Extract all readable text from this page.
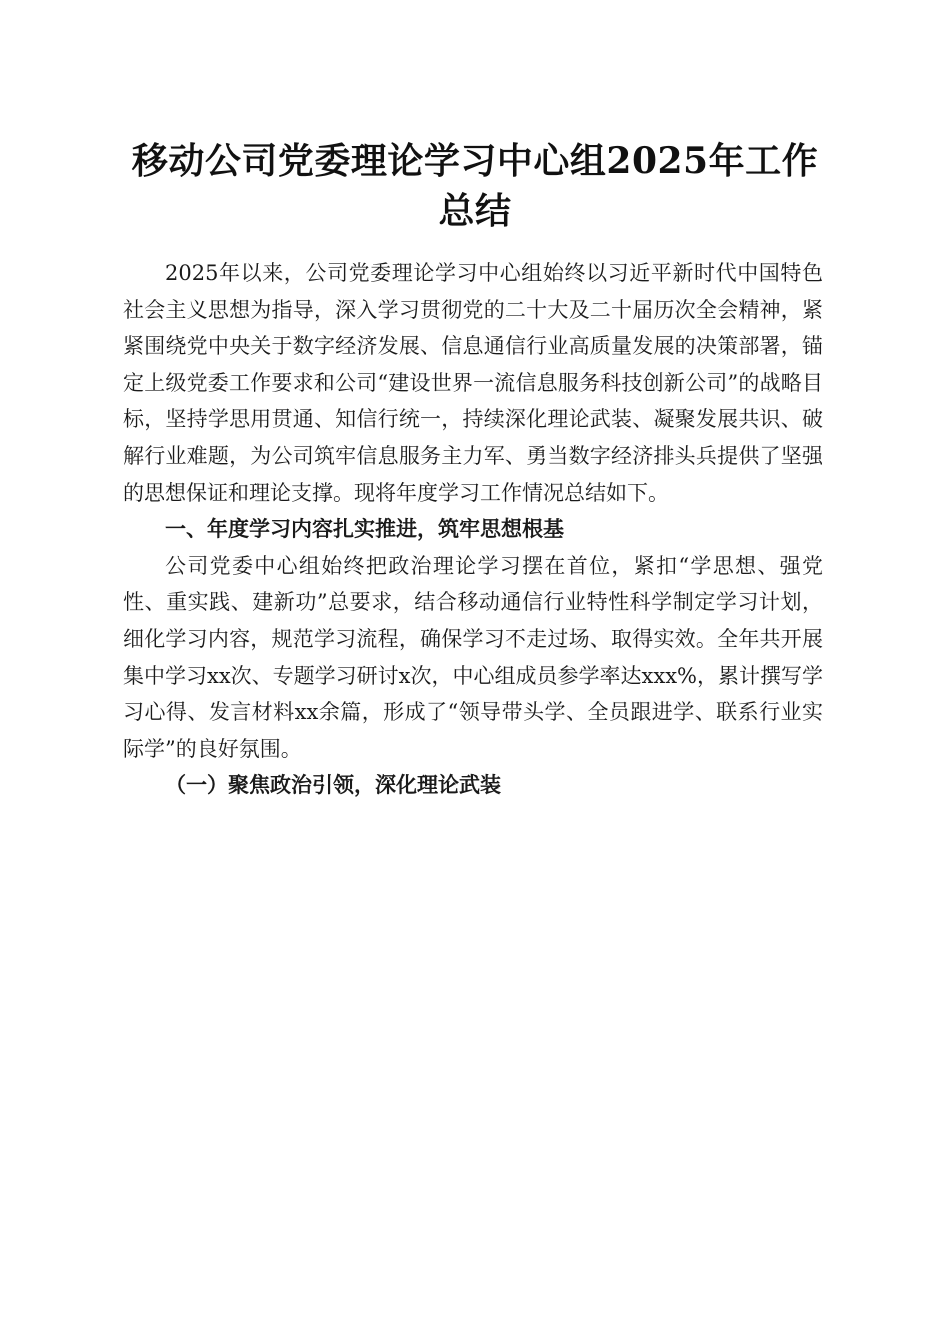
移动公司党委理论学习中心组2025年工作总结

2025年以来，公司党委理论学习中心组始终以习近平新时代中国特色社会主义思想为指导，深入学习贯彻党的二十大及二十届历次全会精神，紧紧围绕党中央关于数字经济发展、信息通信行业高质量发展的决策部署，锚定上级党委工作要求和公司“建设世界一流信息服务科技创新公司”的战略目标，坚持学思用贯通、知信行统一，持续深化理论武装、凝聚发展共识、破解行业难题，为公司筑牢信息服务主力军、勇当数字经济排头兵提供了坚强的思想保证和理论支撑。现将年度学习工作情况总结如下。

一、年度学习内容扎实推进，筑牢思想根基

公司党委中心组始终把政治理论学习摆在首位，紧扣“学思想、强党性、重实践、建新功”总要求，结合移动通信行业特性科学制定学习计划，细化学习内容，规范学习流程，确保学习不走过场、取得实效。全年共开展集中学习xx次、专题学习研讨x次，中心组成员参学率达xxx%，累计撰写学习心得、发言材料xx余篇，形成了“领导带头学、全员跟进学、联系行业实际学”的良好氛围。

（一）聚焦政治引领，深化理论武装
